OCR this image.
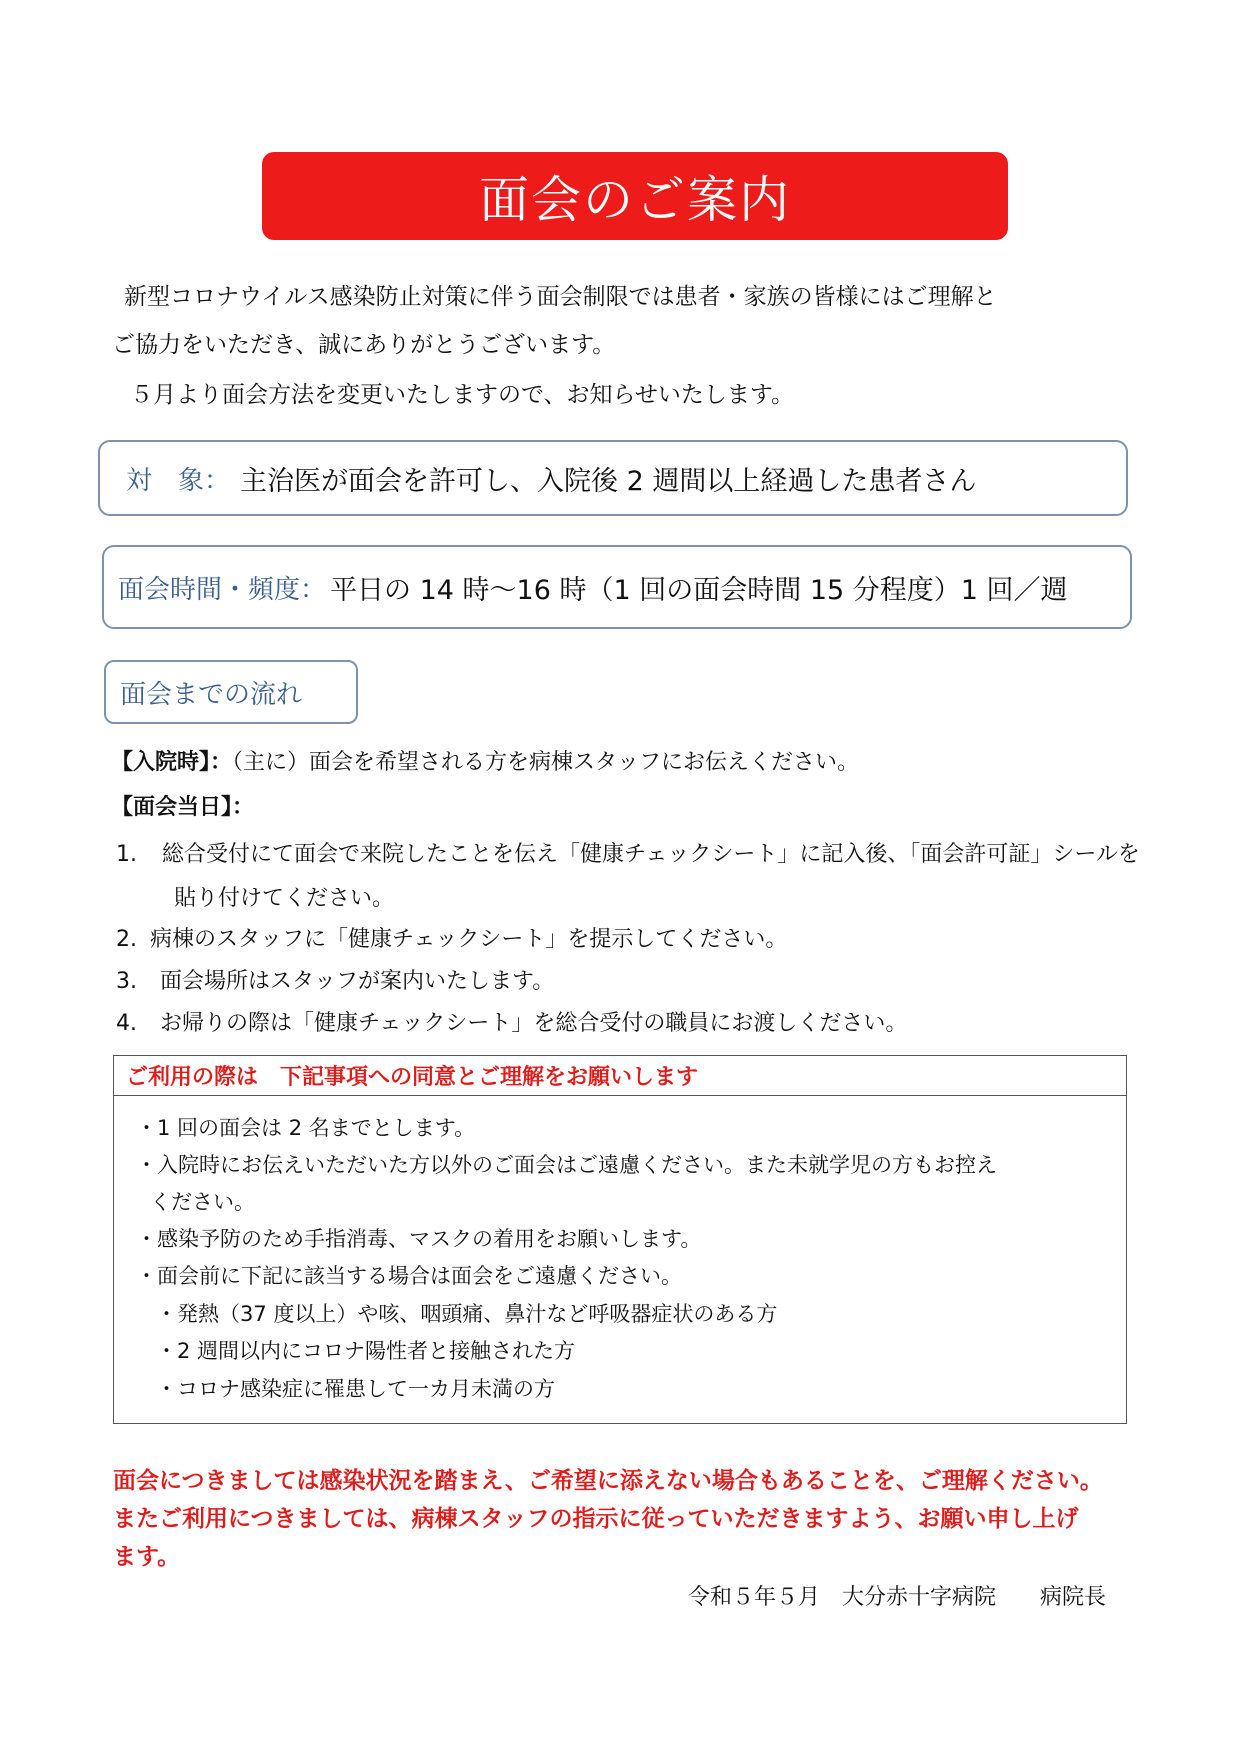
面会のご案内
新型コロナウイルス感染防止対策に伴う面会制限では患者・家族の皆様にはご理解と
ご協力をいただき、誠にありがとうございます。
５月より面会方法を変更いたしますので、お知らせいたします。
対　象： 主治医が面会を許可し、入院後 2 週間以上経過した患者さん
面会時間・頻度： 平日の 14 時～16 時（1 回の面会時間 15 分程度）1 回／週
面会までの流れ
【入院時】：（主に）面会を希望される方を病棟スタッフにお伝えください。
【面会当日】：
1. 総合受付にて面会で来院したことを伝え「健康チェックシート」に記入後、「面会許可証」シールを
貼り付けてください。
2. 病棟のスタッフに「健康チェックシート」を提示してください。
3. 面会場所はスタッフが案内いたします。
4. お帰りの際は「健康チェックシート」を総合受付の職員にお渡しください。
ご利用の際は　下記事項への同意とご理解をお願いします
・1 回の面会は 2 名までとします。
・入院時にお伝えいただいた方以外のご面会はご遠慮ください。また未就学児の方もお控え
ください。
・感染予防のため手指消毒、マスクの着用をお願いします。
・面会前に下記に該当する場合は面会をご遠慮ください。
・発熱（37 度以上）や咳、咽頭痛、鼻汁など呼吸器症状のある方
・2 週間以内にコロナ陽性者と接触された方
・コロナ感染症に罹患して一カ月未満の方
面会につきましては感染状況を踏まえ、ご希望に添えない場合もあることを、ご理解ください。
またご利用につきましては、病棟スタッフの指示に従っていただきますよう、お願い申し上げ
ます。
令和５年５月　大分赤十字病院　　病院長
